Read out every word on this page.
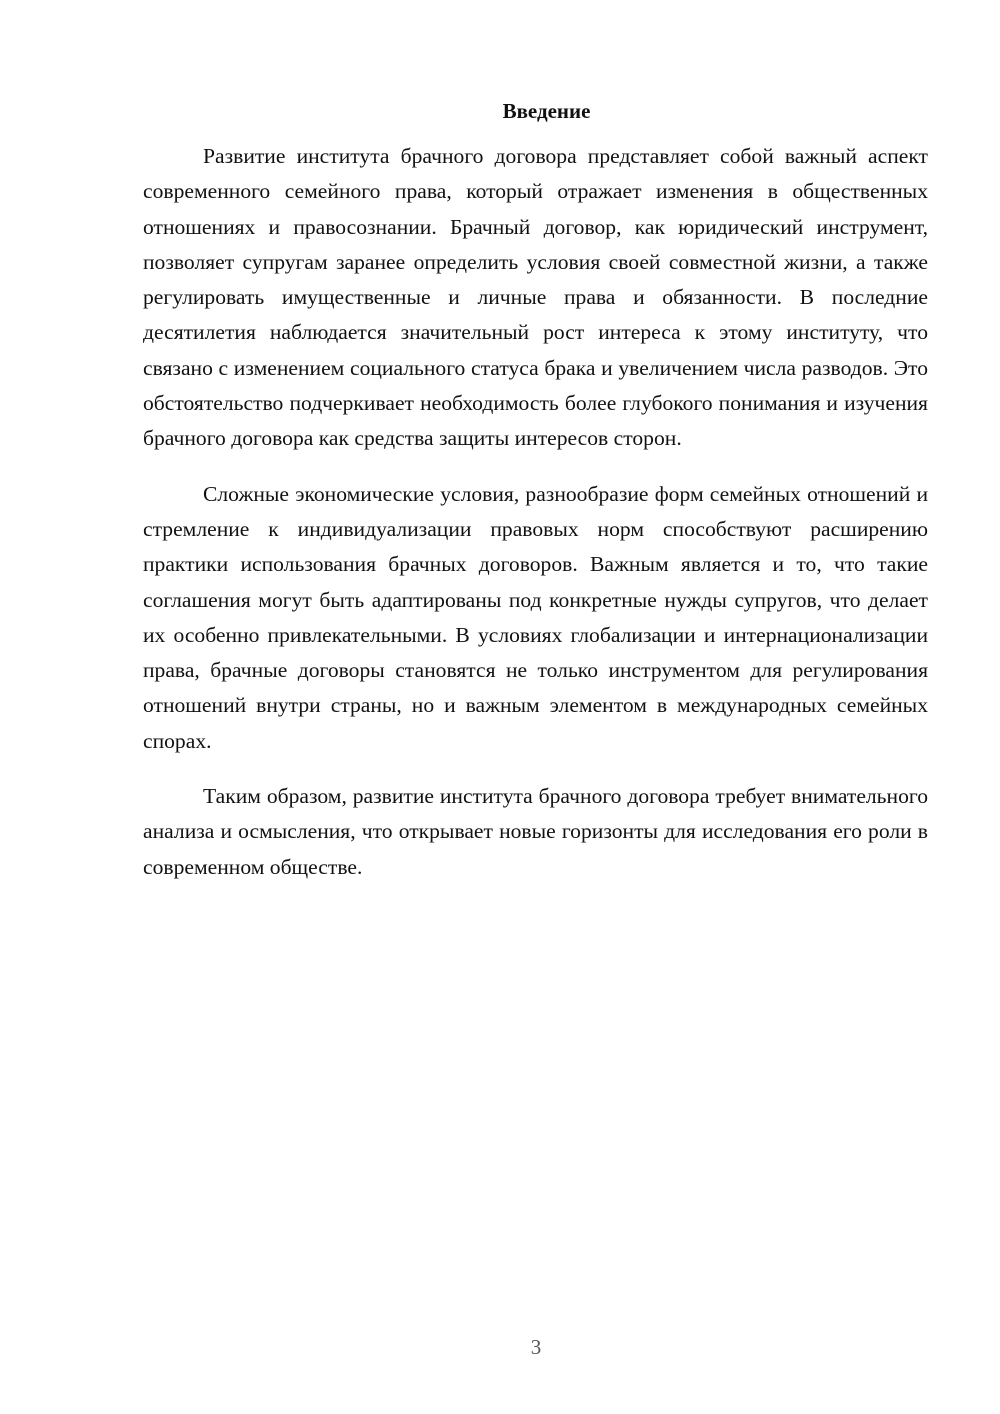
Введение

Развитие института брачного договора представляет собой важный аспект современного семейного права, который отражает изменения в общественных отношениях и правосознании. Брачный договор, как юридический инструмент, позволяет супругам заранее определить условия своей совместной жизни, а также регулировать имущественные и личные права и обязанности. В последние десятилетия наблюдается значительный рост интереса к этому институту, что связано с изменением социального статуса брака и увеличением числа разводов. Это обстоятельство подчеркивает необходимость более глубокого понимания и изучения брачного договора как средства защиты интересов сторон.

Сложные экономические условия, разнообразие форм семейных отношений и стремление к индивидуализации правовых норм способствуют расширению практики использования брачных договоров. Важным является и то, что такие соглашения могут быть адаптированы под конкретные нужды супругов, что делает их особенно привлекательными. В условиях глобализации и интернационализации права, брачные договоры становятся не только инструментом для регулирования отношений внутри страны, но и важным элементом в международных семейных спорах.

Таким образом, развитие института брачного договора требует внимательного анализа и осмысления, что открывает новые горизонты для исследования его роли в современном обществе.

3
